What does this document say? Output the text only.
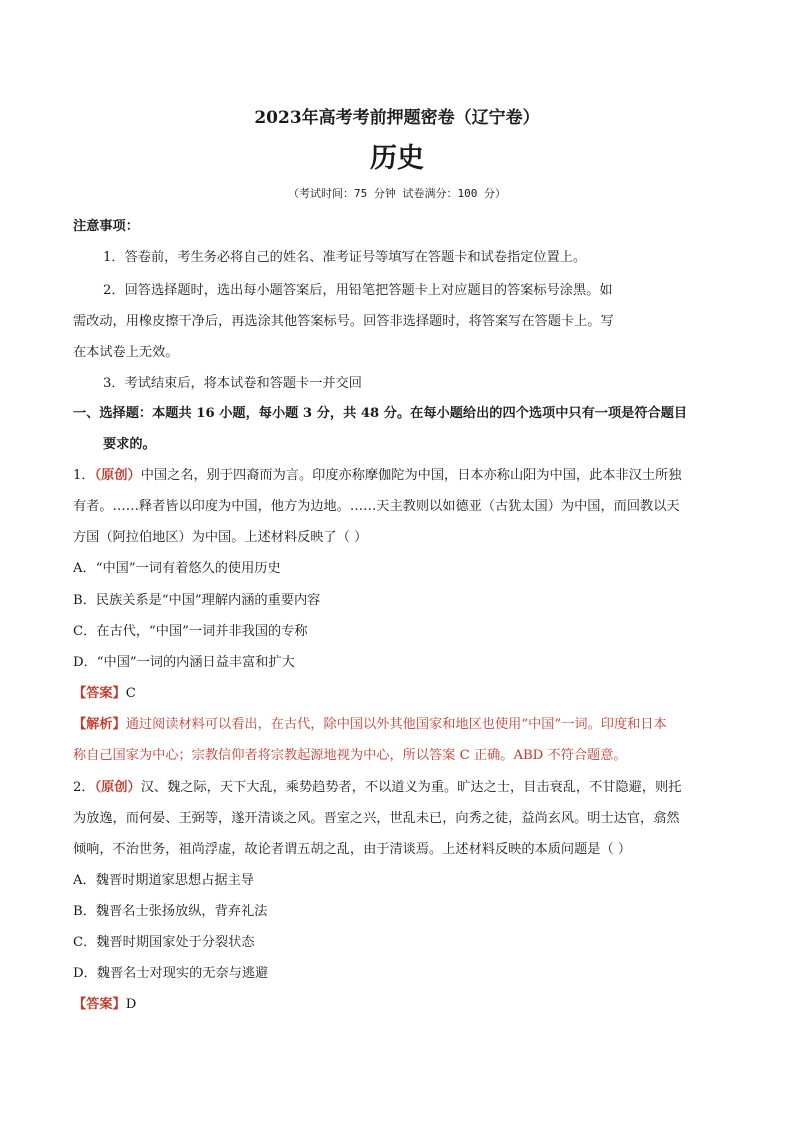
2023年高考考前押题密卷（辽宁卷）
历史
（考试时间：75 分钟 试卷满分：100 分）
注意事项：
1．答卷前，考生务必将自己的姓名、准考证号等填写在答题卡和试卷指定位置上。
2．回答选择题时，选出每小题答案后，用铅笔把答题卡上对应题目的答案标号涂黑。如
需改动，用橡皮擦干净后，再选涂其他答案标号。回答非选择题时，将答案写在答题卡上。写
在本试卷上无效。
3．考试结束后，将本试卷和答题卡一并交回
一、选择题：本题共 16 小题，每小题 3 分，共 48 分。在每小题给出的四个选项中只有一项是符合题目
要求的。
1．（原创）中国之名，别于四裔而为言。印度亦称摩伽陀为中国，日本亦称山阳为中国，此本非汉土所独
有者。……释者皆以印度为中国，他方为边地。……天主教则以如德亚（古犹太国）为中国，而回教以天
方国（阿拉伯地区）为中国。上述材料反映了（ ）
A．“中国”一词有着悠久的使用历史
B．民族关系是“中国”理解内涵的重要内容
C．在古代，“中国”一词并非我国的专称
D．“中国”一词的内涵日益丰富和扩大
【答案】C
【解析】通过阅读材料可以看出，在古代，除中国以外其他国家和地区也使用“中国”一词。印度和日本
称自己国家为中心；宗教信仰者将宗教起源地视为中心，所以答案 C 正确。ABD 不符合题意。
2．（原创）汉、魏之际，天下大乱，乘势趋势者，不以道义为重。旷达之士，目击衰乱，不甘隐避，则托
为放逸，而何晏、王弼等，遂开清谈之风。晋室之兴，世乱未已，向秀之徒，益尚玄风。明士达官，翕然
倾响，不治世务，祖尚浮虚，故论者谓五胡之乱，由于清谈焉。上述材料反映的本质问题是（ ）
A．魏晋时期道家思想占据主导
B．魏晋名士张扬放纵，背弃礼法
C．魏晋时期国家处于分裂状态
D．魏晋名士对现实的无奈与逃避
【答案】D
